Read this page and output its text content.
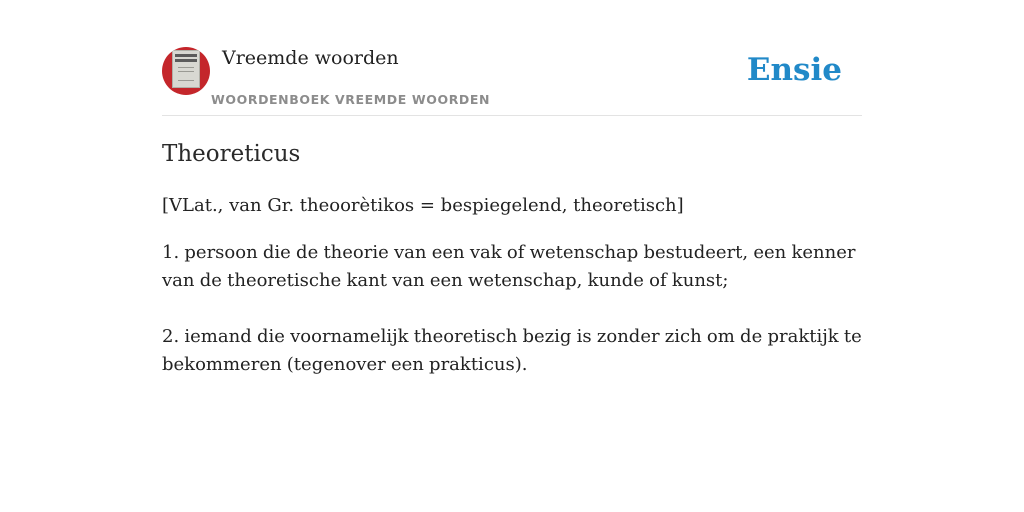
Vreemde woorden
WOORDENBOEK VREEMDE WOORDEN
Ensie
Theoreticus

[VLat., van Gr. theoorètikos = bespiegelend, theoretisch]

1. persoon die de theorie van een vak of wetenschap bestudeert, een kenner van de theoretische kant van een wetenschap, kunde of kunst;

2. iemand die voornamelijk theoretisch bezig is zonder zich om de praktijk te bekommeren (tegenover een prakticus).
